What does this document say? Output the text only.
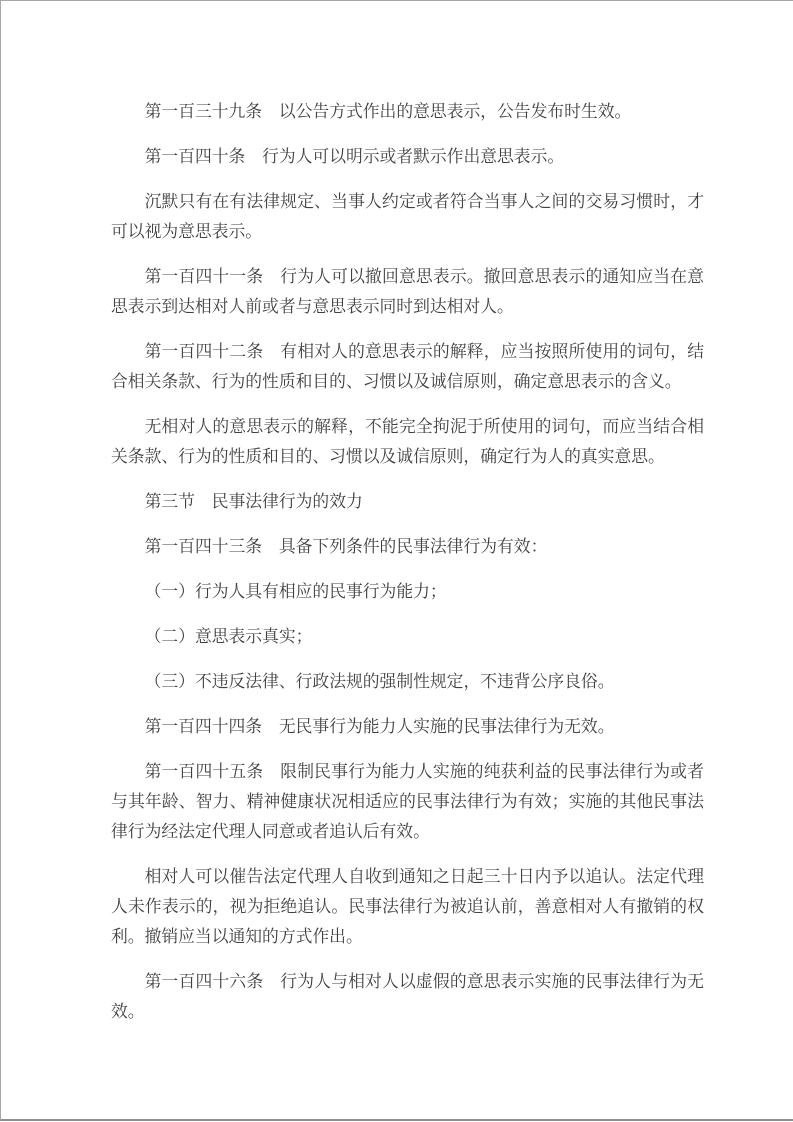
第一百三十九条　以公告方式作出的意思表示，公告发布时生效。

第一百四十条　行为人可以明示或者默示作出意思表示。

沉默只有在有法律规定、当事人约定或者符合当事人之间的交易习惯时，才可以视为意思表示。

第一百四十一条　行为人可以撤回意思表示。撤回意思表示的通知应当在意思表示到达相对人前或者与意思表示同时到达相对人。

第一百四十二条　有相对人的意思表示的解释，应当按照所使用的词句，结合相关条款、行为的性质和目的、习惯以及诚信原则，确定意思表示的含义。

无相对人的意思表示的解释，不能完全拘泥于所使用的词句，而应当结合相关条款、行为的性质和目的、习惯以及诚信原则，确定行为人的真实意思。

第三节　民事法律行为的效力

第一百四十三条　具备下列条件的民事法律行为有效：

（一）行为人具有相应的民事行为能力；

（二）意思表示真实；

（三）不违反法律、行政法规的强制性规定，不违背公序良俗。

第一百四十四条　无民事行为能力人实施的民事法律行为无效。

第一百四十五条　限制民事行为能力人实施的纯获利益的民事法律行为或者与其年龄、智力、精神健康状况相适应的民事法律行为有效；实施的其他民事法律行为经法定代理人同意或者追认后有效。

相对人可以催告法定代理人自收到通知之日起三十日内予以追认。法定代理人未作表示的，视为拒绝追认。民事法律行为被追认前，善意相对人有撤销的权利。撤销应当以通知的方式作出。

第一百四十六条　行为人与相对人以虚假的意思表示实施的民事法律行为无效。
